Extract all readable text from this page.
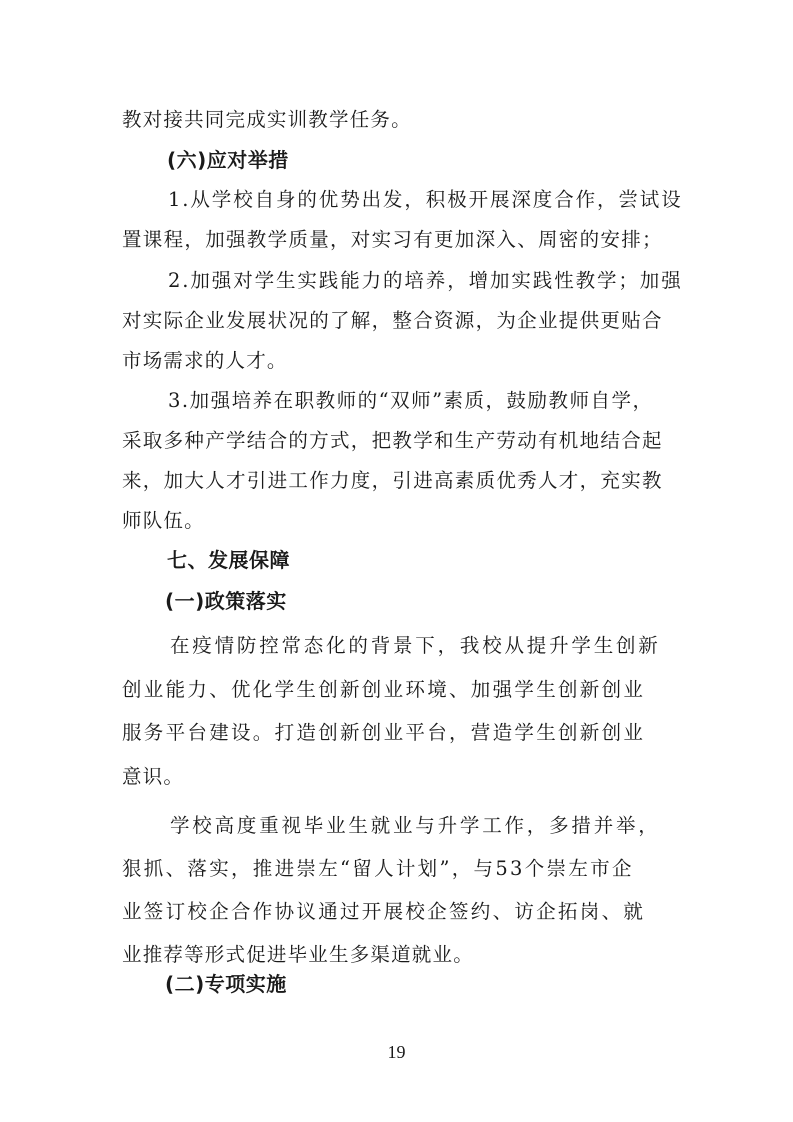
教对接共同完成实训教学任务。
(六)应对举措
1.从学校自身的优势出发，积极开展深度合作，尝试设
置课程，加强教学质量，对实习有更加深入、周密的安排；
2.加强对学生实践能力的培养，增加实践性教学；加强
对实际企业发展状况的了解，整合资源，为企业提供更贴合
市场需求的人才。
3.加强培养在职教师的“双师”素质，鼓励教师自学，
采取多种产学结合的方式，把教学和生产劳动有机地结合起
来，加大人才引进工作力度，引进高素质优秀人才，充实教
师队伍。
七、发展保障
(一)政策落实
在疫情防控常态化的背景下，我校从提升学生创新
创业能力、优化学生创新创业环境、加强学生创新创业
服务平台建设。打造创新创业平台，营造学生创新创业
意识。
学校高度重视毕业生就业与升学工作，多措并举，
狠抓、落实，推进崇左“留人计划”，与53个崇左市企
业签订校企合作协议通过开展校企签约、访企拓岗、就
业推荐等形式促进毕业生多渠道就业。
(二)专项实施
19
